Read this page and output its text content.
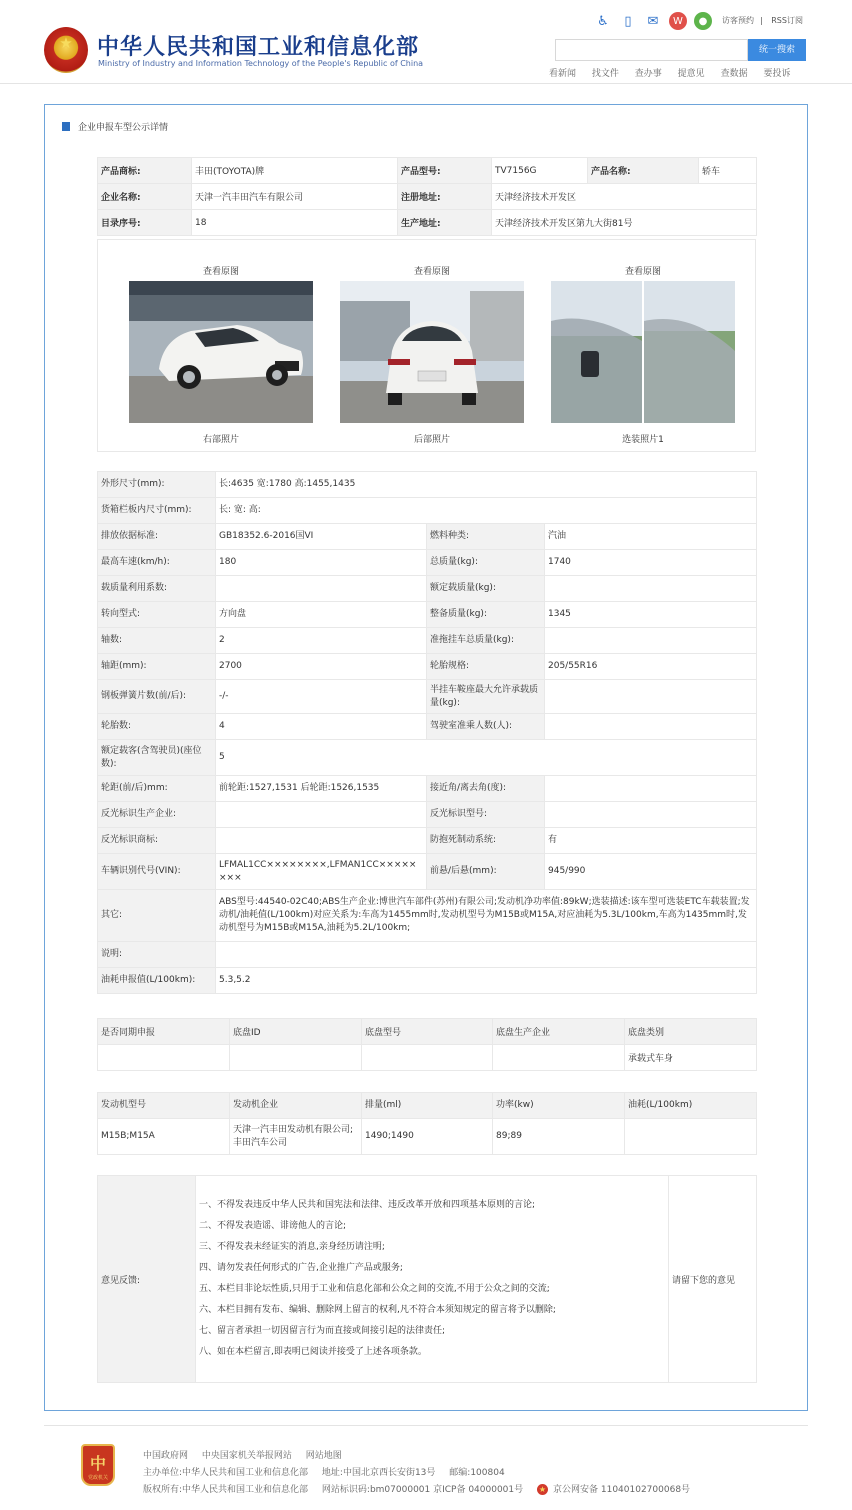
★ 中华人民共和国工业和信息化部
Ministry of Industry and Information Technology of the People's Republic of China
♿	▯	✉	W	●	访客预约 | RSS订阅
统一搜索
看新闻 找文件 查办事 提意见 查数据 要投诉
企业申报车型公示详情
产品商标:	丰田(TOYOTA)牌	产品型号:	TV7156G	产品名称:	轿车
企业名称:	天津一汽丰田汽车有限公司	注册地址:	天津经济技术开发区		
目录序号:	18	生产地址:	天津经济技术开发区第九大街81号		
查看原图
右部照片
查看原图
后部照片
查看原图
选装照片1
外形尺寸(mm):	长:4635 宽:1780 高:1455,1435		
货箱栏板内尺寸(mm):	长: 宽: 高:		
排放依据标准:	GB18352.6-2016国VI	燃料种类:	汽油
最高车速(km/h):	180	总质量(kg):	1740
载质量利用系数:		额定载质量(kg):	
转向型式:	方向盘	整备质量(kg):	1345
轴数:	2	准拖挂车总质量(kg):	
轴距(mm):	2700	轮胎规格:	205/55R16
钢板弹簧片数(前/后):	-/-	半挂车鞍座最大允许承载质量(kg):	
轮胎数:	4	驾驶室准乘人数(人):	
额定载客(含驾驶员)(座位数):	5		
轮距(前/后)mm:	前轮距:1527,1531 后轮距:1526,1535	接近角/离去角(度):	
反光标识生产企业:		反光标识型号:	
反光标识商标:		防抱死制动系统:	有
车辆识别代号(VIN):	LFMAL1CC××××××××,LFMAN1CC××××××××	前悬/后悬(mm):	945/990
其它:	ABS型号:44540-02C40;ABS生产企业:博世汽车部件(苏州)有限公司;发动机净功率值:89kW;选装描述:该车型可选装ETC车载装置;发动机/油耗值(L/100km)对应关系为:车高为1455mm时,发动机型号为M15B或M15A,对应油耗为5.3L/100km,车高为1435mm时,发动机型号为M15B或M15A,油耗为5.2L/100km;		
说明:			
油耗申报值(L/100km):	5.3,5.2		
是否同期申报	底盘ID	底盘型号	底盘生产企业	底盘类别
				承载式车身
发动机型号	发动机企业	排量(ml)	功率(kw)	油耗(L/100km)
M15B;M15A	天津一汽丰田发动机有限公司;丰田汽车公司	1490;1490	89;89	
意见反馈:	
一、不得发表违反中华人民共和国宪法和法律、违反改革开放和四项基本原则的言论;
二、不得发表造谣、诽谤他人的言论;
三、不得发表未经证实的消息,亲身经历请注明;
四、请勿发表任何形式的广告,企业推广产品或服务;
五、本栏目非论坛性质,只用于工业和信息化部和公众之间的交流,不用于公众之间的交流;
六、本栏目拥有发布、编辑、删除网上留言的权利,凡不符合本须知规定的留言将予以删除;
七、留言者承担一切因留言行为而直接或间接引起的法律责任;
八、如在本栏留言,即表明已阅读并接受了上述各项条款。
	请留下您的意见
中
党政机关
中国政府网 中央国家机关举报网站 网站地图
主办单位:中华人民共和国工业和信息化部 地址:中国北京西长安街13号 邮编:100804
版权所有:中华人民共和国工业和信息化部 网站标识码:bm07000001 京ICP备 04000001号 ★ 京公网安备 11040102700068号
